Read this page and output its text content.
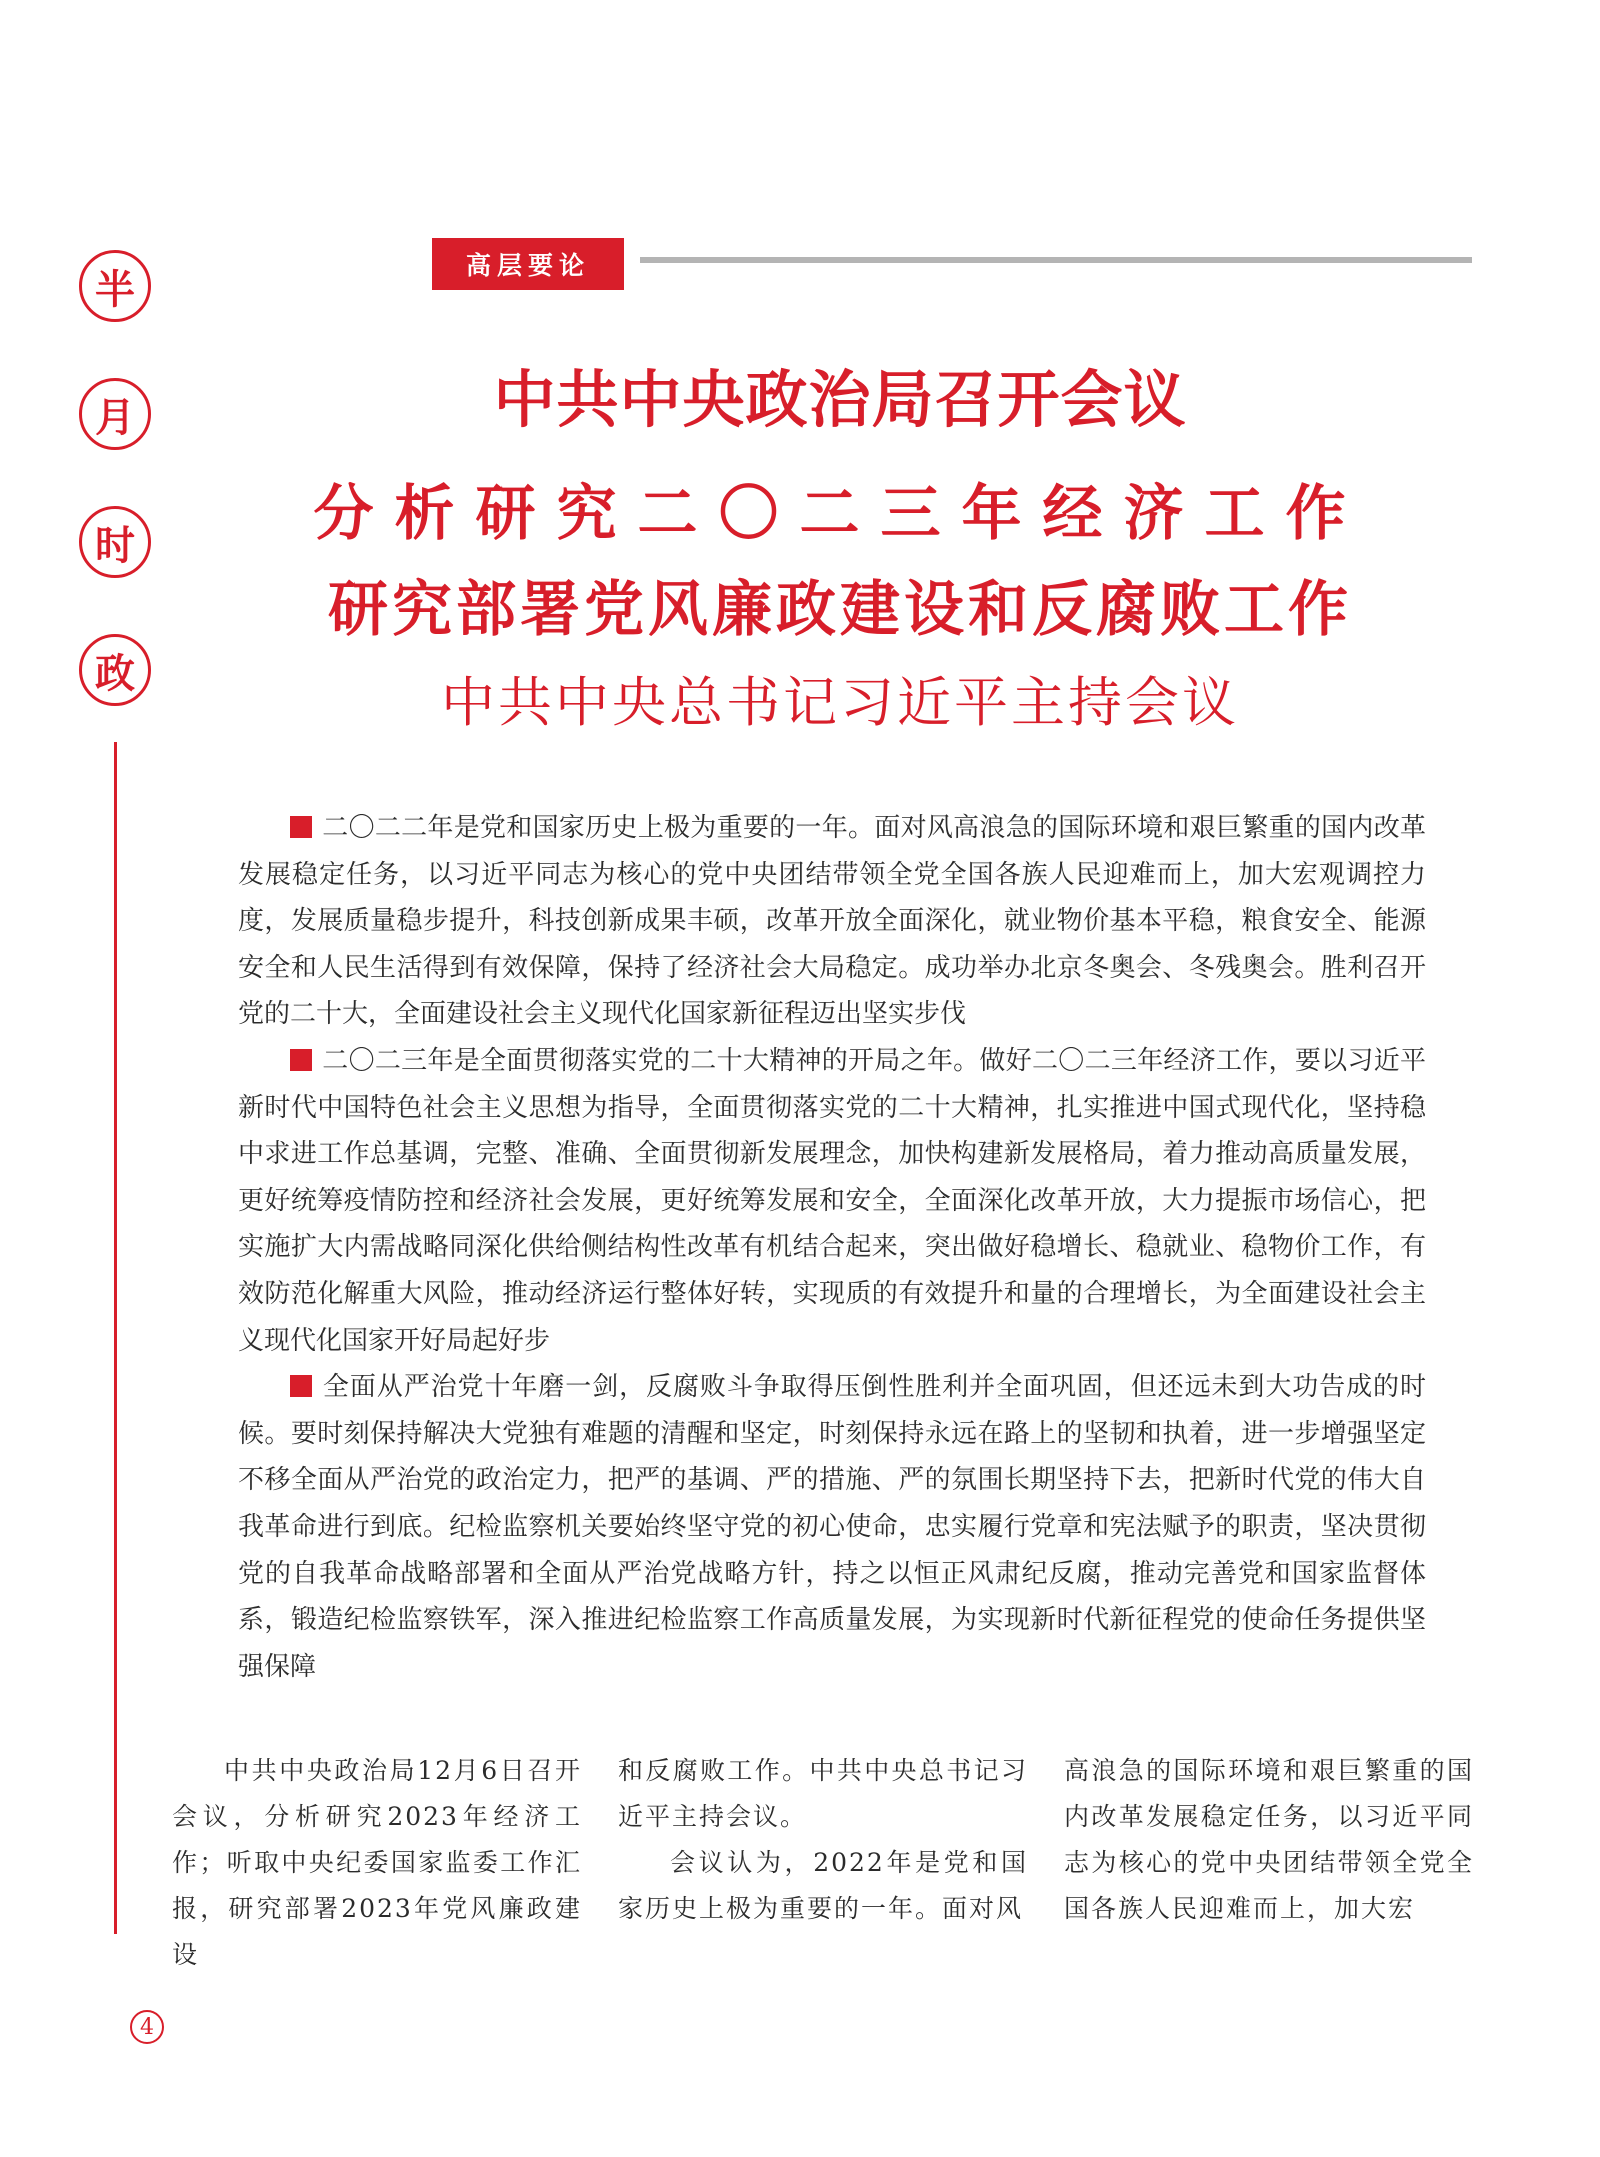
半
月
时
政
高层要论
中共中央政治局召开会议
分析研究二〇二三年经济工作
研究部署党风廉政建设和反腐败工作
中共中央总书记习近平主持会议

二〇二二年是党和国家历史上极为重要的一年。面对风高浪急的国际环境和艰巨繁重的国内改革发展稳定任务，以习近平同志为核心的党中央团结带领全党全国各族人民迎难而上，加大宏观调控力度，发展质量稳步提升，科技创新成果丰硕，改革开放全面深化，就业物价基本平稳，粮食安全、能源安全和人民生活得到有效保障，保持了经济社会大局稳定。成功举办北京冬奥会、冬残奥会。胜利召开党的二十大，全面建设社会主义现代化国家新征程迈出坚实步伐

二〇二三年是全面贯彻落实党的二十大精神的开局之年。做好二〇二三年经济工作，要以习近平新时代中国特色社会主义思想为指导，全面贯彻落实党的二十大精神，扎实推进中国式现代化，坚持稳中求进工作总基调，完整、准确、全面贯彻新发展理念，加快构建新发展格局，着力推动高质量发展，更好统筹疫情防控和经济社会发展，更好统筹发展和安全，全面深化改革开放，大力提振市场信心，把实施扩大内需战略同深化供给侧结构性改革有机结合起来，突出做好稳增长、稳就业、稳物价工作，有效防范化解重大风险，推动经济运行整体好转，实现质的有效提升和量的合理增长，为全面建设社会主义现代化国家开好局起好步

全面从严治党十年磨一剑，反腐败斗争取得压倒性胜利并全面巩固，但还远未到大功告成的时候。要时刻保持解决大党独有难题的清醒和坚定，时刻保持永远在路上的坚韧和执着，进一步增强坚定不移全面从严治党的政治定力，把严的基调、严的措施、严的氛围长期坚持下去，把新时代党的伟大自我革命进行到底。纪检监察机关要始终坚守党的初心使命，忠实履行党章和宪法赋予的职责，坚决贯彻党的自我革命战略部署和全面从严治党战略方针，持之以恒正风肃纪反腐，推动完善党和国家监督体系，锻造纪检监察铁军，深入推进纪检监察工作高质量发展，为实现新时代新征程党的使命任务提供坚强保障

中共中央政治局12月6日召开会议，分析研究2023年经济工作；听取中央纪委国家监委工作汇报，研究部署2023年党风廉政建设

和反腐败工作。中共中央总书记习近平主持会议。

会议认为，2022年是党和国家历史上极为重要的一年。面对风

高浪急的国际环境和艰巨繁重的国内改革发展稳定任务，以习近平同志为核心的党中央团结带领全党全国各族人民迎难而上，加大宏

4
